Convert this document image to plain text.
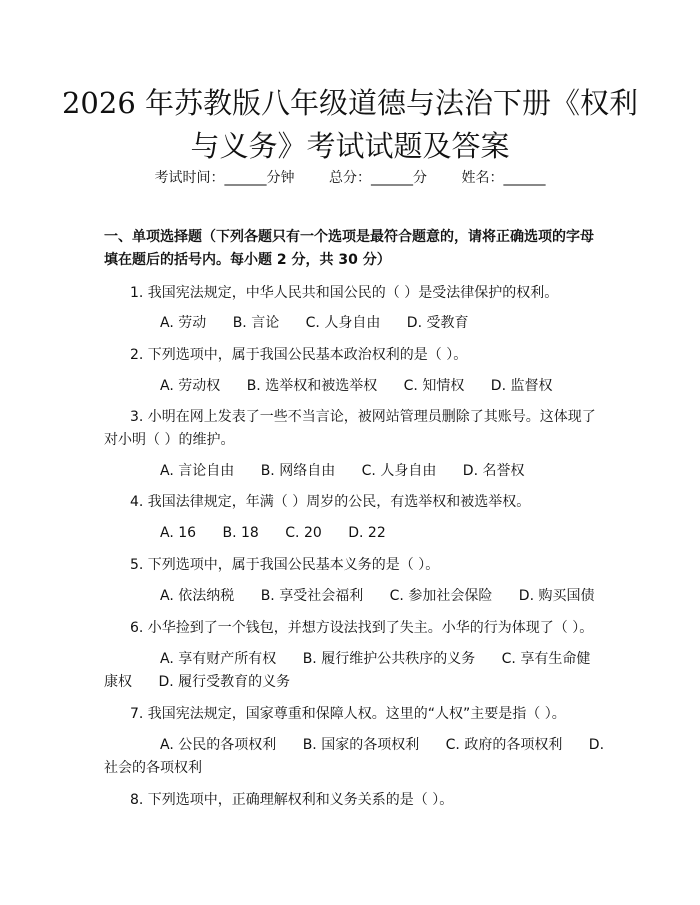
2026 年苏教版八年级道德与法治下册《权利
与义务》考试试题及答案
考试时间：______分钟 总分：______分 姓名：______
一、单项选择题（下列各题只有一个选项是最符合题意的，请将正确选项的字母
填在题后的括号内。每小题 2 分，共 30 分）
1. 我国宪法规定，中华人民共和国公民的（ ）是受法律保护的权利。
A. 劳动 B. 言论 C. 人身自由 D. 受教育
2. 下列选项中，属于我国公民基本政治权利的是（ ）。
A. 劳动权 B. 选举权和被选举权 C. 知情权 D. 监督权
3. 小明在网上发表了一些不当言论，被网站管理员删除了其账号。这体现了
对小明（ ）的维护。
A. 言论自由 B. 网络自由 C. 人身自由 D. 名誉权
4. 我国法律规定，年满（ ）周岁的公民，有选举权和被选举权。
A. 16 B. 18 C. 20 D. 22
5. 下列选项中，属于我国公民基本义务的是（ ）。
A. 依法纳税 B. 享受社会福利 C. 参加社会保险 D. 购买国债
6. 小华捡到了一个钱包，并想方设法找到了失主。小华的行为体现了（ ）。
A. 享有财产所有权 B. 履行维护公共秩序的义务 C. 享有生命健
康权 D. 履行受教育的义务
7. 我国宪法规定，国家尊重和保障人权。这里的“人权”主要是指（ ）。
A. 公民的各项权利 B. 国家的各项权利 C. 政府的各项权利 D.
社会的各项权利
8. 下列选项中，正确理解权利和义务关系的是（ ）。
